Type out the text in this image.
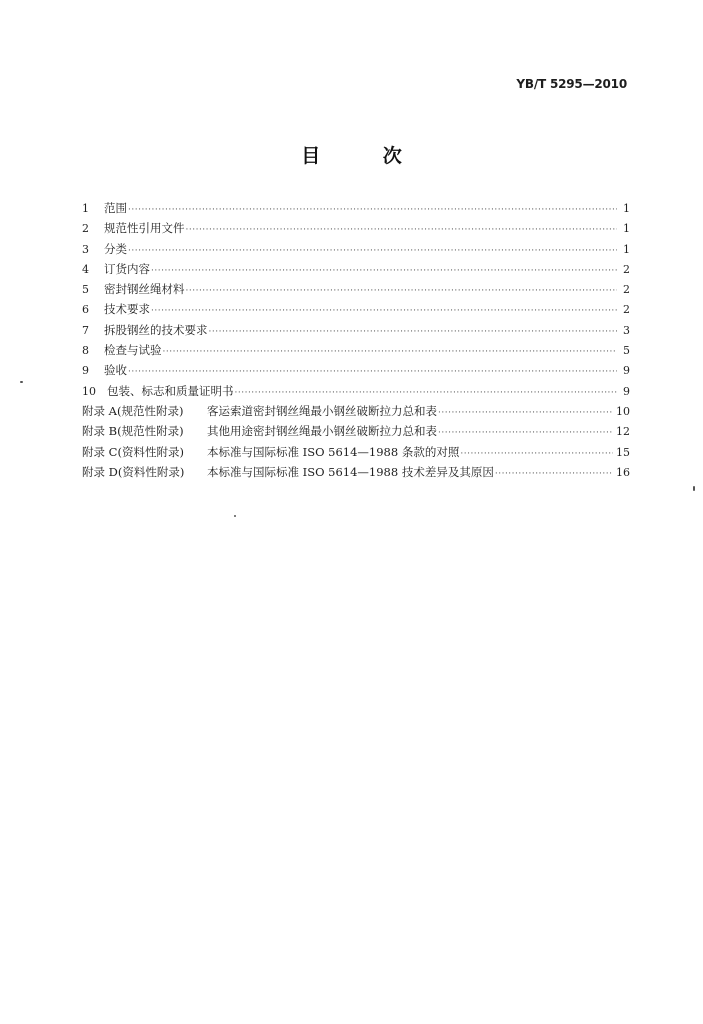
YB/T 5295—2010
目 次
1	范围 ·····	1
2	规范性引用文件 ·····	1
3	分类 ·····	1
4	订货内容 ·····	2
5	密封钢丝绳材料 ·····	2
6	技术要求 ·····	2
7	拆股钢丝的技术要求 ·····	3
8	检查与试验 ·····	5
9	验收 ·····	9
10 包装、标志和质量证明书 ·····	9
附录 A(规范性附录)	客运索道密封钢丝绳最小钢丝破断拉力总和表 ·····	10
附录 B(规范性附录)	其他用途密封钢丝绳最小钢丝破断拉力总和表 ·····	12
附录 C(资料性附录)	本标准与国际标准 ISO 5614—1988 条款的对照 ·····	15
附录 D(资料性附录)	本标准与国际标准 ISO 5614—1988 技术差异及其原因 ·····	16
